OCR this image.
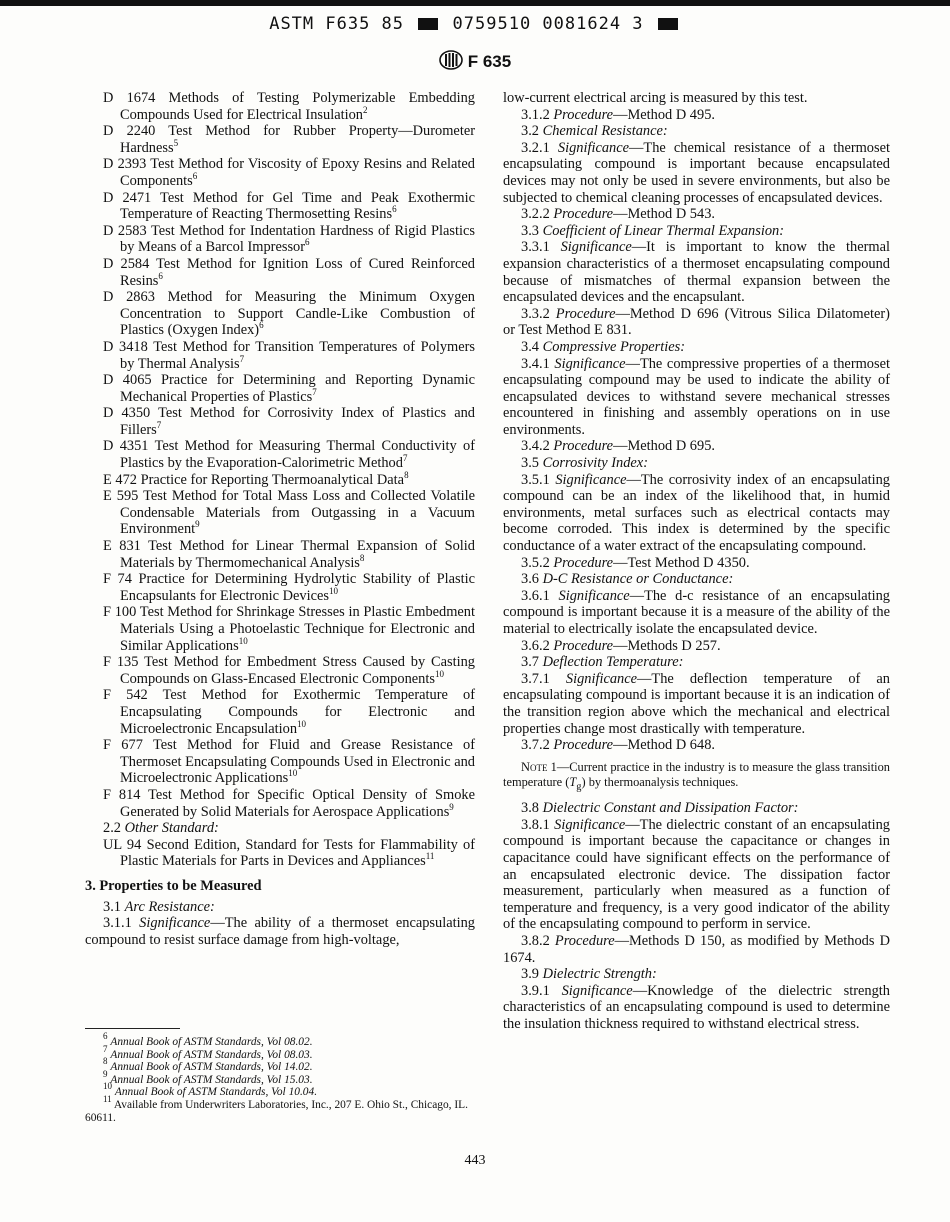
ASTM F635 85	0759510 0081624 3
F 635
D 1674 Methods of Testing Polymerizable Embedding Compounds Used for Electrical Insulation$^2$
D 2240 Test Method for Rubber Property—Durometer Hardness$^5$
D 2393 Test Method for Viscosity of Epoxy Resins and Related Components$^6$
D 2471 Test Method for Gel Time and Peak Exothermic Temperature of Reacting Thermosetting Resins$^6$
D 2583 Test Method for Indentation Hardness of Rigid Plastics by Means of a Barcol Impressor$^6$
D 2584 Test Method for Ignition Loss of Cured Reinforced Resins$^6$
D 2863 Method for Measuring the Minimum Oxygen Concentration to Support Candle-Like Combustion of Plastics (Oxygen Index)$^6$
D 3418 Test Method for Transition Temperatures of Polymers by Thermal Analysis$^7$
D 4065 Practice for Determining and Reporting Dynamic Mechanical Properties of Plastics$^7$
D 4350 Test Method for Corrosivity Index of Plastics and Fillers$^7$
D 4351 Test Method for Measuring Thermal Conductivity of Plastics by the Evaporation-Calorimetric Method$^7$
E 472 Practice for Reporting Thermoanalytical Data$^8$
E 595 Test Method for Total Mass Loss and Collected Volatile Condensable Materials from Outgassing in a Vacuum Environment$^9$
E 831 Test Method for Linear Thermal Expansion of Solid Materials by Thermomechanical Analysis$^8$
F 74 Practice for Determining Hydrolytic Stability of Plastic Encapsulants for Electronic Devices$^{10}$
F 100 Test Method for Shrinkage Stresses in Plastic Embedment Materials Using a Photoelastic Technique for Electronic and Similar Applications$^{10}$
F 135 Test Method for Embedment Stress Caused by Casting Compounds on Glass-Encased Electronic Components$^{10}$
F 542 Test Method for Exothermic Temperature of Encapsulating Compounds for Electronic and Microelectronic Encapsulation$^{10}$
F 677 Test Method for Fluid and Grease Resistance of Thermoset Encapsulating Compounds Used in Electronic and Microelectronic Applications$^{10}$
F 814 Test Method for Specific Optical Density of Smoke Generated by Solid Materials for Aerospace Applications$^9$
2.2 Other Standard:
UL 94 Second Edition, Standard for Tests for Flammability of Plastic Materials for Parts in Devices and Appliances$^{11}$
3. Properties to be Measured
3.1 Arc Resistance:
3.1.1 Significance—The ability of a thermoset encapsulating compound to resist surface damage from high-voltage,
$^6$ Annual Book of ASTM Standards, Vol 08.02.
$^7$ Annual Book of ASTM Standards, Vol 08.03.
$^8$ Annual Book of ASTM Standards, Vol 14.02.
$^9$ Annual Book of ASTM Standards, Vol 15.03.
$^{10}$ Annual Book of ASTM Standards, Vol 10.04.
$^{11}$ Available from Underwriters Laboratories, Inc., 207 E. Ohio St., Chicago, IL. 60611.
low-current electrical arcing is measured by this test.
3.1.2 Procedure—Method D 495.
3.2 Chemical Resistance:
3.2.1 Significance—The chemical resistance of a thermoset encapsulating compound is important because encapsulated devices may not only be used in severe environments, but also be subjected to chemical cleaning processes of encapsulated devices.
3.2.2 Procedure—Method D 543.
3.3 Coefficient of Linear Thermal Expansion:
3.3.1 Significance—It is important to know the thermal expansion characteristics of a thermoset encapsulating compound because of mismatches of thermal expansion between the encapsulated devices and the encapsulant.
3.3.2 Procedure—Method D 696 (Vitrous Silica Dilatometer) or Test Method E 831.
3.4 Compressive Properties:
3.4.1 Significance—The compressive properties of a thermoset encapsulating compound may be used to indicate the ability of encapsulated devices to withstand severe mechanical stresses encountered in finishing and assembly operations on in use environments.
3.4.2 Procedure—Method D 695.
3.5 Corrosivity Index:
3.5.1 Significance—The corrosivity index of an encapsulating compound can be an index of the likelihood that, in humid environments, metal surfaces such as electrical contacts may become corroded. This index is determined by the specific conductance of a water extract of the encapsulating compound.
3.5.2 Procedure—Test Method D 4350.
3.6 D-C Resistance or Conductance:
3.6.1 Significance—The d-c resistance of an encapsulating compound is important because it is a measure of the ability of the material to electrically isolate the encapsulated device.
3.6.2 Procedure—Methods D 257.
3.7 Deflection Temperature:
3.7.1 Significance—The deflection temperature of an encapsulating compound is important because it is an indication of the transition region above which the mechanical and electrical properties change most drastically with temperature.
3.7.2 Procedure—Method D 648.
Note 1—Current practice in the industry is to measure the glass transition temperature $(T_g)$ by thermoanalysis techniques.
3.8 Dielectric Constant and Dissipation Factor:
3.8.1 Significance—The dielectric constant of an encapsulating compound is important because the capacitance or changes in capacitance could have significant effects on the performance of an encapsulated electronic device. The dissipation factor measurement, particularly when measured as a function of temperature and frequency, is a very good indicator of the ability of the encapsulating compound to perform in service.
3.8.2 Procedure—Methods D 150, as modified by Methods D 1674.
3.9 Dielectric Strength:
3.9.1 Significance—Knowledge of the dielectric strength characteristics of an encapsulating compound is used to determine the insulation thickness required to withstand electrical stress.
443
